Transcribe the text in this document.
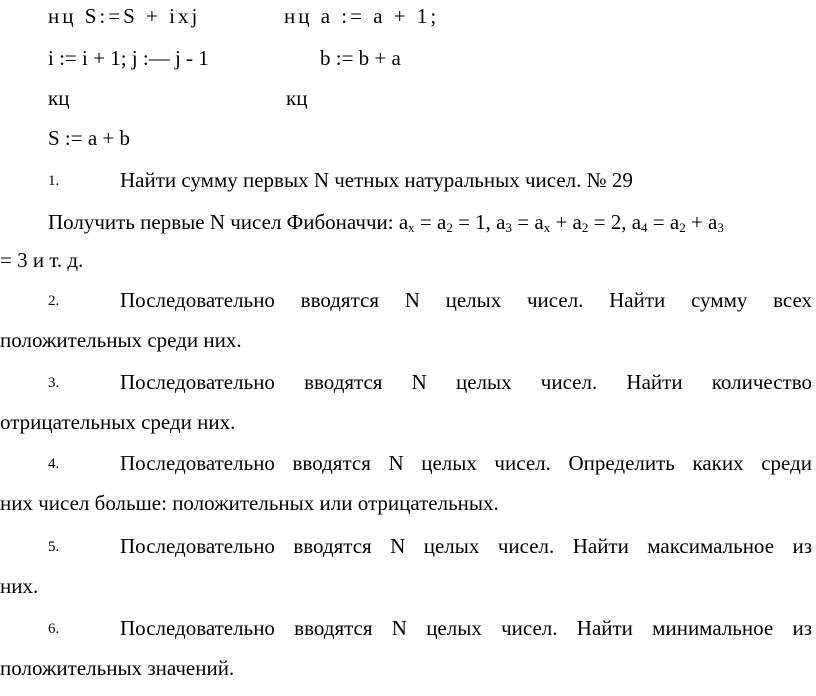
нц S:=S + ixj	нц a := a + 1;
i := i + 1; j :— j - 1	b := b + a
кц	кц
S := a + b
1.	Найти сумму первых N четных натуральных чисел. № 29
Получить первые N чисел Фибоначчи: $a_x = a_2 = 1$, $a_3 = a_x + a_2 = 2$, $a_4 = a_2 + a_3$
= 3 и т. д.
2.	Последовательно вводятся N целых чисел. Найти сумму всех
положительных среди них.
3.	Последовательно вводятся N целых чисел. Найти количество
отрицательных среди них.
4.	Последовательно вводятся N целых чисел. Определить каких среди
них чисел больше: положительных или отрицательных.
5.	Последовательно вводятся N целых чисел. Найти максимальное из
них.
6.	Последовательно вводятся N целых чисел. Найти минимальное из
положительных значений.
